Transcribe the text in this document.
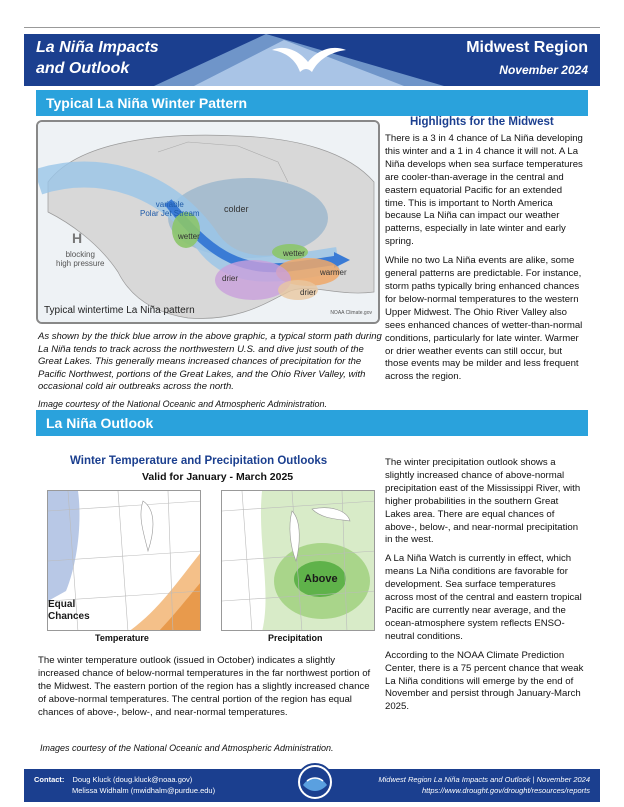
La Niña Impacts
and Outlook
Midwest Region
November 2024
Typical La Niña Winter Pattern
variable
Polar Jet Stream	colder
wetter
wetter
warmer
drier
drier
H
blocking
high pressure
Typical wintertime La Niña pattern	NOAA Climate.gov
As shown by the thick blue arrow in the above graphic, a typical storm path during La Niña tends to track across the northwestern U.S. and dive just south of the Great Lakes. This generally means increased chances of precipitation for the Pacific Northwest, portions of the Great Lakes, and the Ohio River Valley, with occasional cold air outbreaks across the north.
Image courtesy of the National Oceanic and Atmospheric Administration.
Highlights for the Midwest

There is a 3 in 4 chance of La Niña developing this winter and a 1 in 4 chance it will not. A La Niña develops when sea surface temperatures are cooler-than-average in the central and eastern equatorial Pacific for an extended time. This is important to North America because La Niña can impact our weather patterns, especially in late winter and early spring.

While no two La Niña events are alike, some general patterns are predictable. For instance, storm paths typically bring enhanced chances for below-normal temperatures to the western Upper Midwest. The Ohio River Valley also sees enhanced chances of wetter-than-normal conditions, particularly for late winter. Warmer or drier weather events can still occur, but those events may be milder and less frequent across the region.

La Niña Outlook
Winter Temperature and Precipitation Outlooks
Valid for January - March 2025
Equal
Chances
Temperature
Above
Precipitation
The winter temperature outlook (issued in October) indicates a slightly increased chance of below-normal temperatures in the far northwest portion of the Midwest. The eastern portion of the region has a slightly increased chance of above-normal temperatures. The central portion of the region has equal chances of above-, below-, and near-normal temperatures.
Images courtesy of the National Oceanic and Atmospheric Administration.

The winter precipitation outlook shows a slightly increased chance of above-normal precipitation east of the Mississippi River, with higher probabilities in the southern Great Lakes area. There are equal chances of above-, below-, and near-normal precipitation in the west.

A La Niña Watch is currently in effect, which means La Niña conditions are favorable for development. Sea surface temperatures across most of the central and eastern tropical Pacific are currently near average, and the ocean-atmosphere system reflects ENSO-neutral conditions.

According to the NOAA Climate Prediction Center, there is a 75 percent chance that weak La Niña conditions will emerge by the end of November and persist through January-March 2025.

Contact: Doug Kluck (doug.kluck@noaa.gov)
Melissa Widhalm (mwidhalm@purdue.edu)
Midwest Region La Niña Impacts and Outlook | November 2024
https://www.drought.gov/drought/resources/reports
